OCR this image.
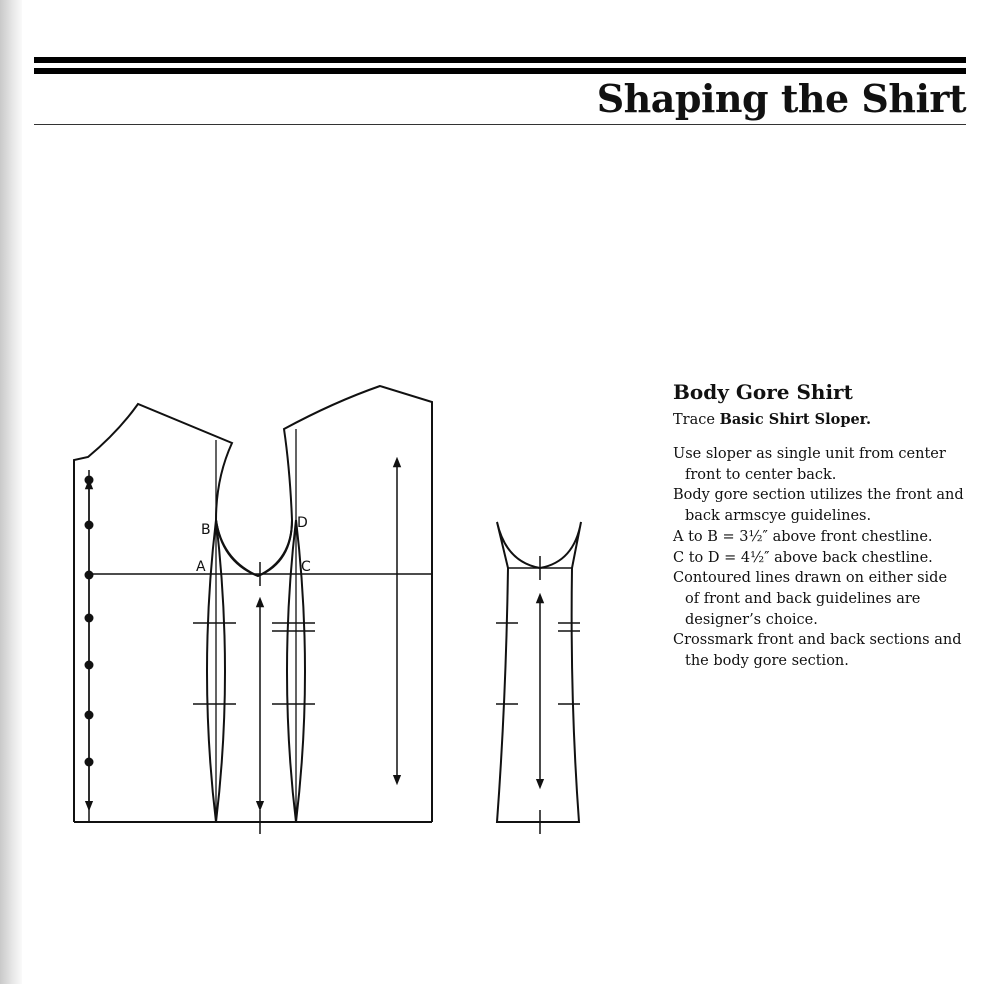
Shaping the Shirt
B
A
D
C
Body Gore Shirt

Trace Basic Shirt Sloper.

Use sloper as single unit from center front to center back.
Body gore section utilizes the front and back armscye guidelines.
A to B = 3½″ above front chestline.
C to D = 4½″ above back chestline.
Contoured lines drawn on either side of front and back guidelines are designer’s choice.
Crossmark front and back sections and the body gore section.
